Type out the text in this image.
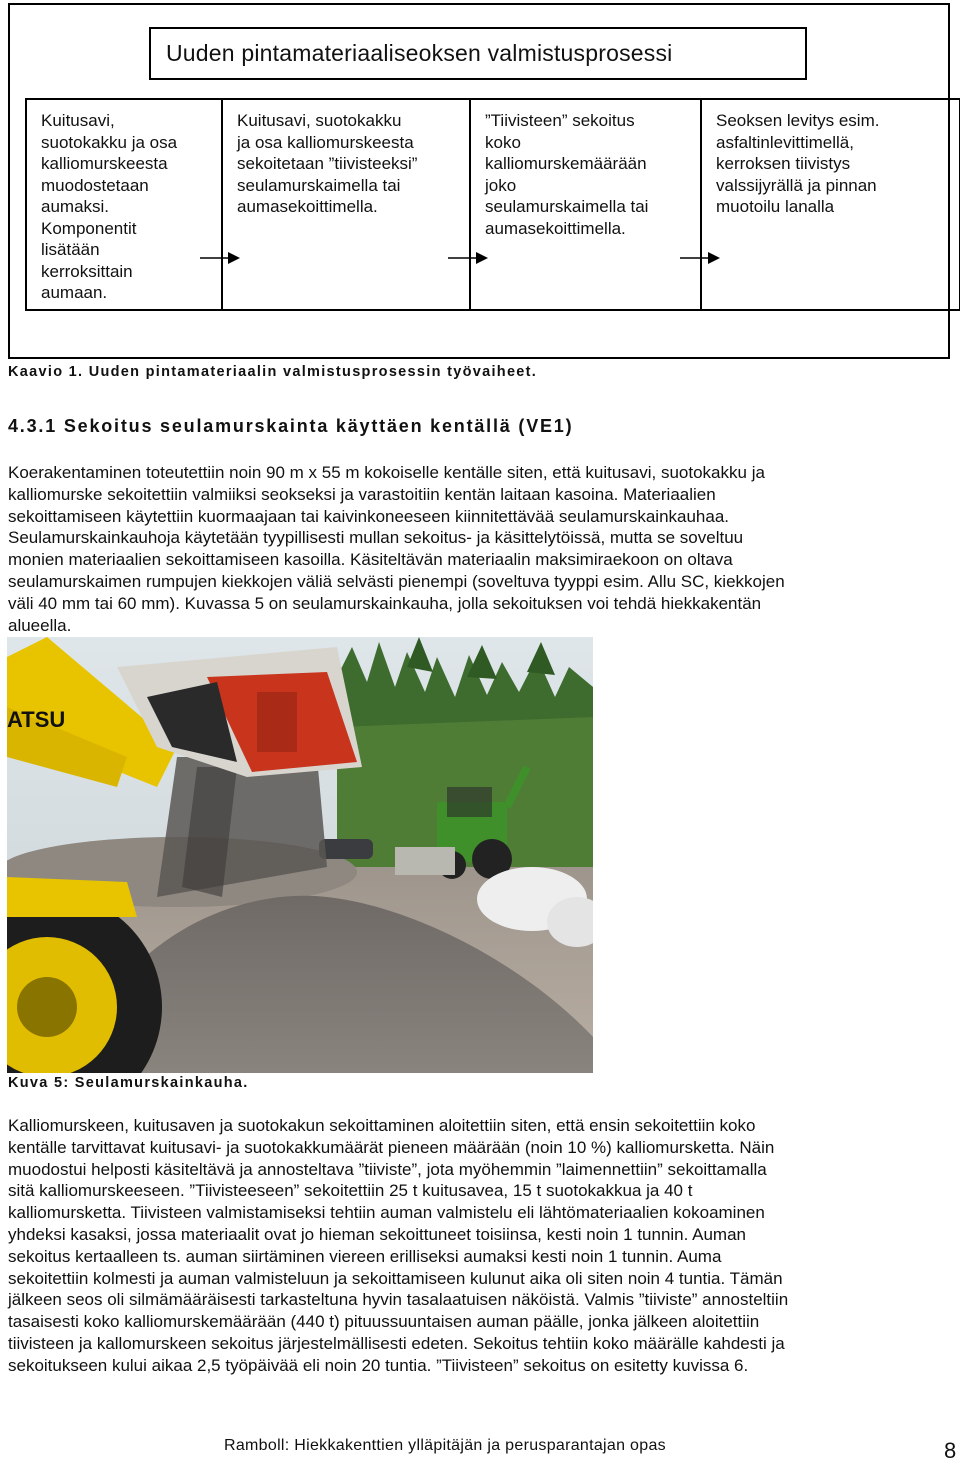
Uuden pintamateriaaliseoksen valmistusprosessi
Kuitusavi,
suotokakku ja osa
kalliomurskeesta
muodostetaan
aumaksi.
Komponentit
lisätään
kerroksittain
aumaan.
Kuitusavi, suotokakku
ja osa kalliomurskeesta
sekoitetaan ”tiivisteeksi”
seulamurskaimella tai
aumasekoittimella.
”Tiivisteen” sekoitus
koko
kalliomurskemäärään
joko
seulamurskaimella tai
aumasekoittimella.
Seoksen levitys esim.
asfaltinlevittimellä,
kerroksen tiivistys
valssijyrällä ja pinnan
muotoilu lanalla
Kaavio 1. Uuden pintamateriaalin valmistusprosessin työvaiheet.
4.3.1 Sekoitus seulamurskainta käyttäen kentällä (VE1)
Koerakentaminen toteutettiin noin 90 m x 55 m kokoiselle kentälle siten, että kuitusavi, suotokakku ja
kalliomurske sekoitettiin valmiiksi seokseksi ja varastoitiin kentän laitaan kasoina. Materiaalien
sekoittamiseen käytettiin kuormaajaan tai kaivinkoneeseen kiinnitettävää seulamurskainkauhaa.
Seulamurskainkauhoja käytetään tyypillisesti mullan sekoitus- ja käsittelytöissä, mutta se soveltuu
monien materiaalien sekoittamiseen kasoilla. Käsiteltävän materiaalin maksimiraekoon on oltava
seulamurskaimen rumpujen kiekkojen väliä selvästi pienempi (soveltuva tyyppi esim. Allu SC, kiekkojen
väli 40 mm tai 60 mm). Kuvassa 5 on seulamurskainkauha, jolla sekoituksen voi tehdä hiekkakentän
alueella.
ATSU
Kuva 5: Seulamurskainkauha.
Kalliomurskeen, kuitusaven ja suotokakun sekoittaminen aloitettiin siten, että ensin sekoitettiin koko
kentälle tarvittavat kuitusavi- ja suotokakkumäärät pieneen määrään (noin 10 %) kalliomursketta. Näin
muodostui helposti käsiteltävä ja annosteltava ”tiiviste”, jota myöhemmin ”laimennettiin” sekoittamalla
sitä kalliomurskeeseen. ”Tiivisteeseen” sekoitettiin 25 t kuitusavea, 15 t suotokakkua ja 40 t
kalliomursketta. Tiivisteen valmistamiseksi tehtiin auman valmistelu eli lähtömateriaalien kokoaminen
yhdeksi kasaksi, jossa materiaalit ovat jo hieman sekoittuneet toisiinsa, kesti noin 1 tunnin. Auman
sekoitus kertaalleen ts. auman siirtäminen viereen erilliseksi aumaksi kesti noin 1 tunnin. Auma
sekoitettiin kolmesti ja auman valmisteluun ja sekoittamiseen kulunut aika oli siten noin 4 tuntia. Tämän
jälkeen seos oli silmämääräisesti tarkasteltuna hyvin tasalaatuisen näköistä. Valmis ”tiiviste” annosteltiin
tasaisesti koko kalliomurskemäärään (440 t) pituussuuntaisen auman päälle, jonka jälkeen aloitettiin
tiivisteen ja kallomurskeen sekoitus järjestelmällisesti edeten. Sekoitus tehtiin koko määrälle kahdesti ja
sekoitukseen kului aikaa 2,5 työpäivää eli noin 20 tuntia. ”Tiivisteen” sekoitus on esitetty kuvissa 6.
Ramboll: Hiekkakenttien ylläpitäjän ja perusparantajan opas	8
